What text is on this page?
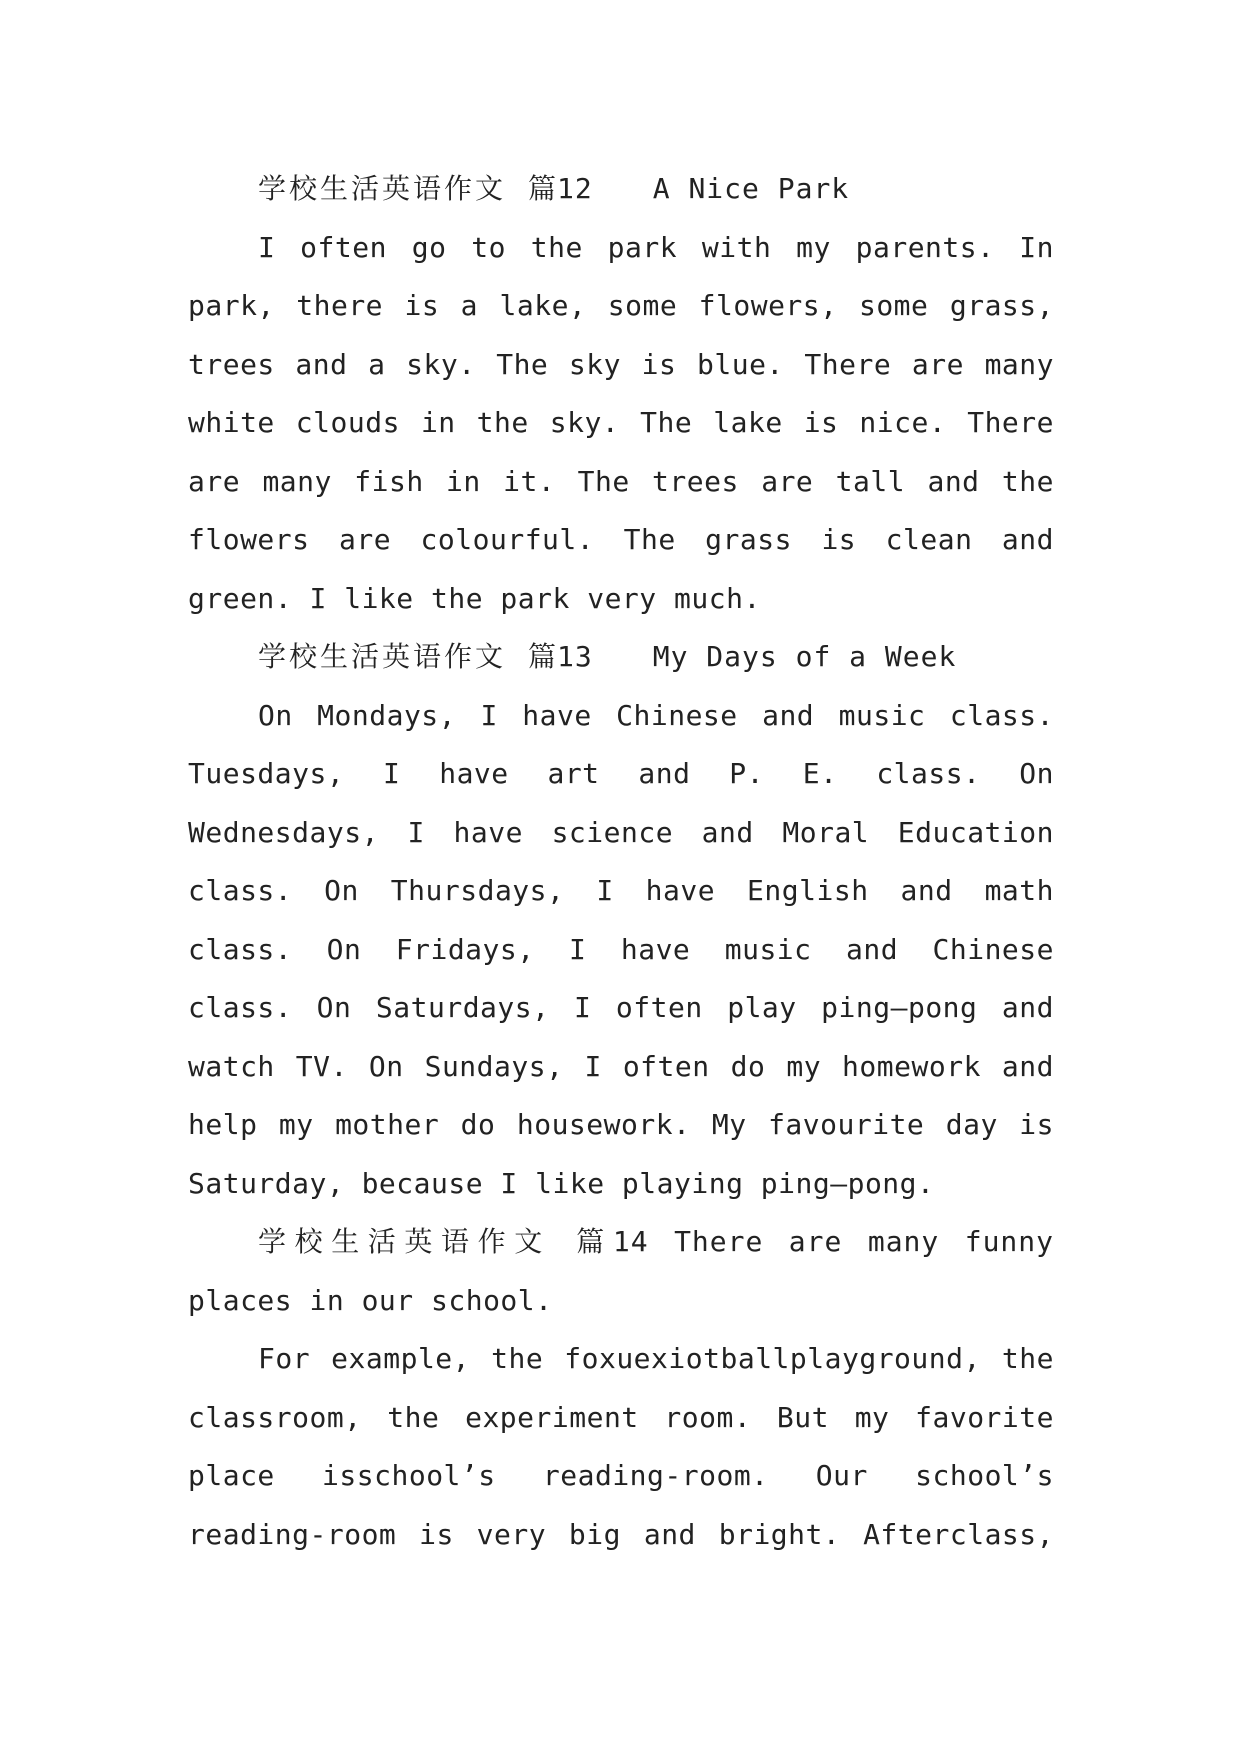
学校生活英语作文 篇12 A Nice Park
I often go to the park with my parents. In
park, there is a lake, some flowers, some grass,
trees and a sky. The sky is blue. There are many
white clouds in the sky. The lake is nice. There
are many fish in it. The trees are tall and the
flowers are colourful. The grass is clean and
green. I like the park very much.
学校生活英语作文 篇13 My Days of a Week
On Mondays, I have Chinese and music class.
Tuesdays, I have art and P. E. class. On
Wednesdays, I have science and Moral Education
class. On Thursdays, I have English and math
class. On Fridays, I have music and Chinese
class. On Saturdays, I often play ping—pong and
watch TV. On Sundays, I often do my homework and
help my mother do housework. My favourite day is
Saturday, because I like playing ping—pong.
学校生活英语作文 篇14 There are many funny
places in our school.
For example, the foxuexiotballplayground, the
classroom, the experiment room. But my favorite
place isschool’s reading-room. Our school’s
reading-room is very big and bright. Afterclass,
